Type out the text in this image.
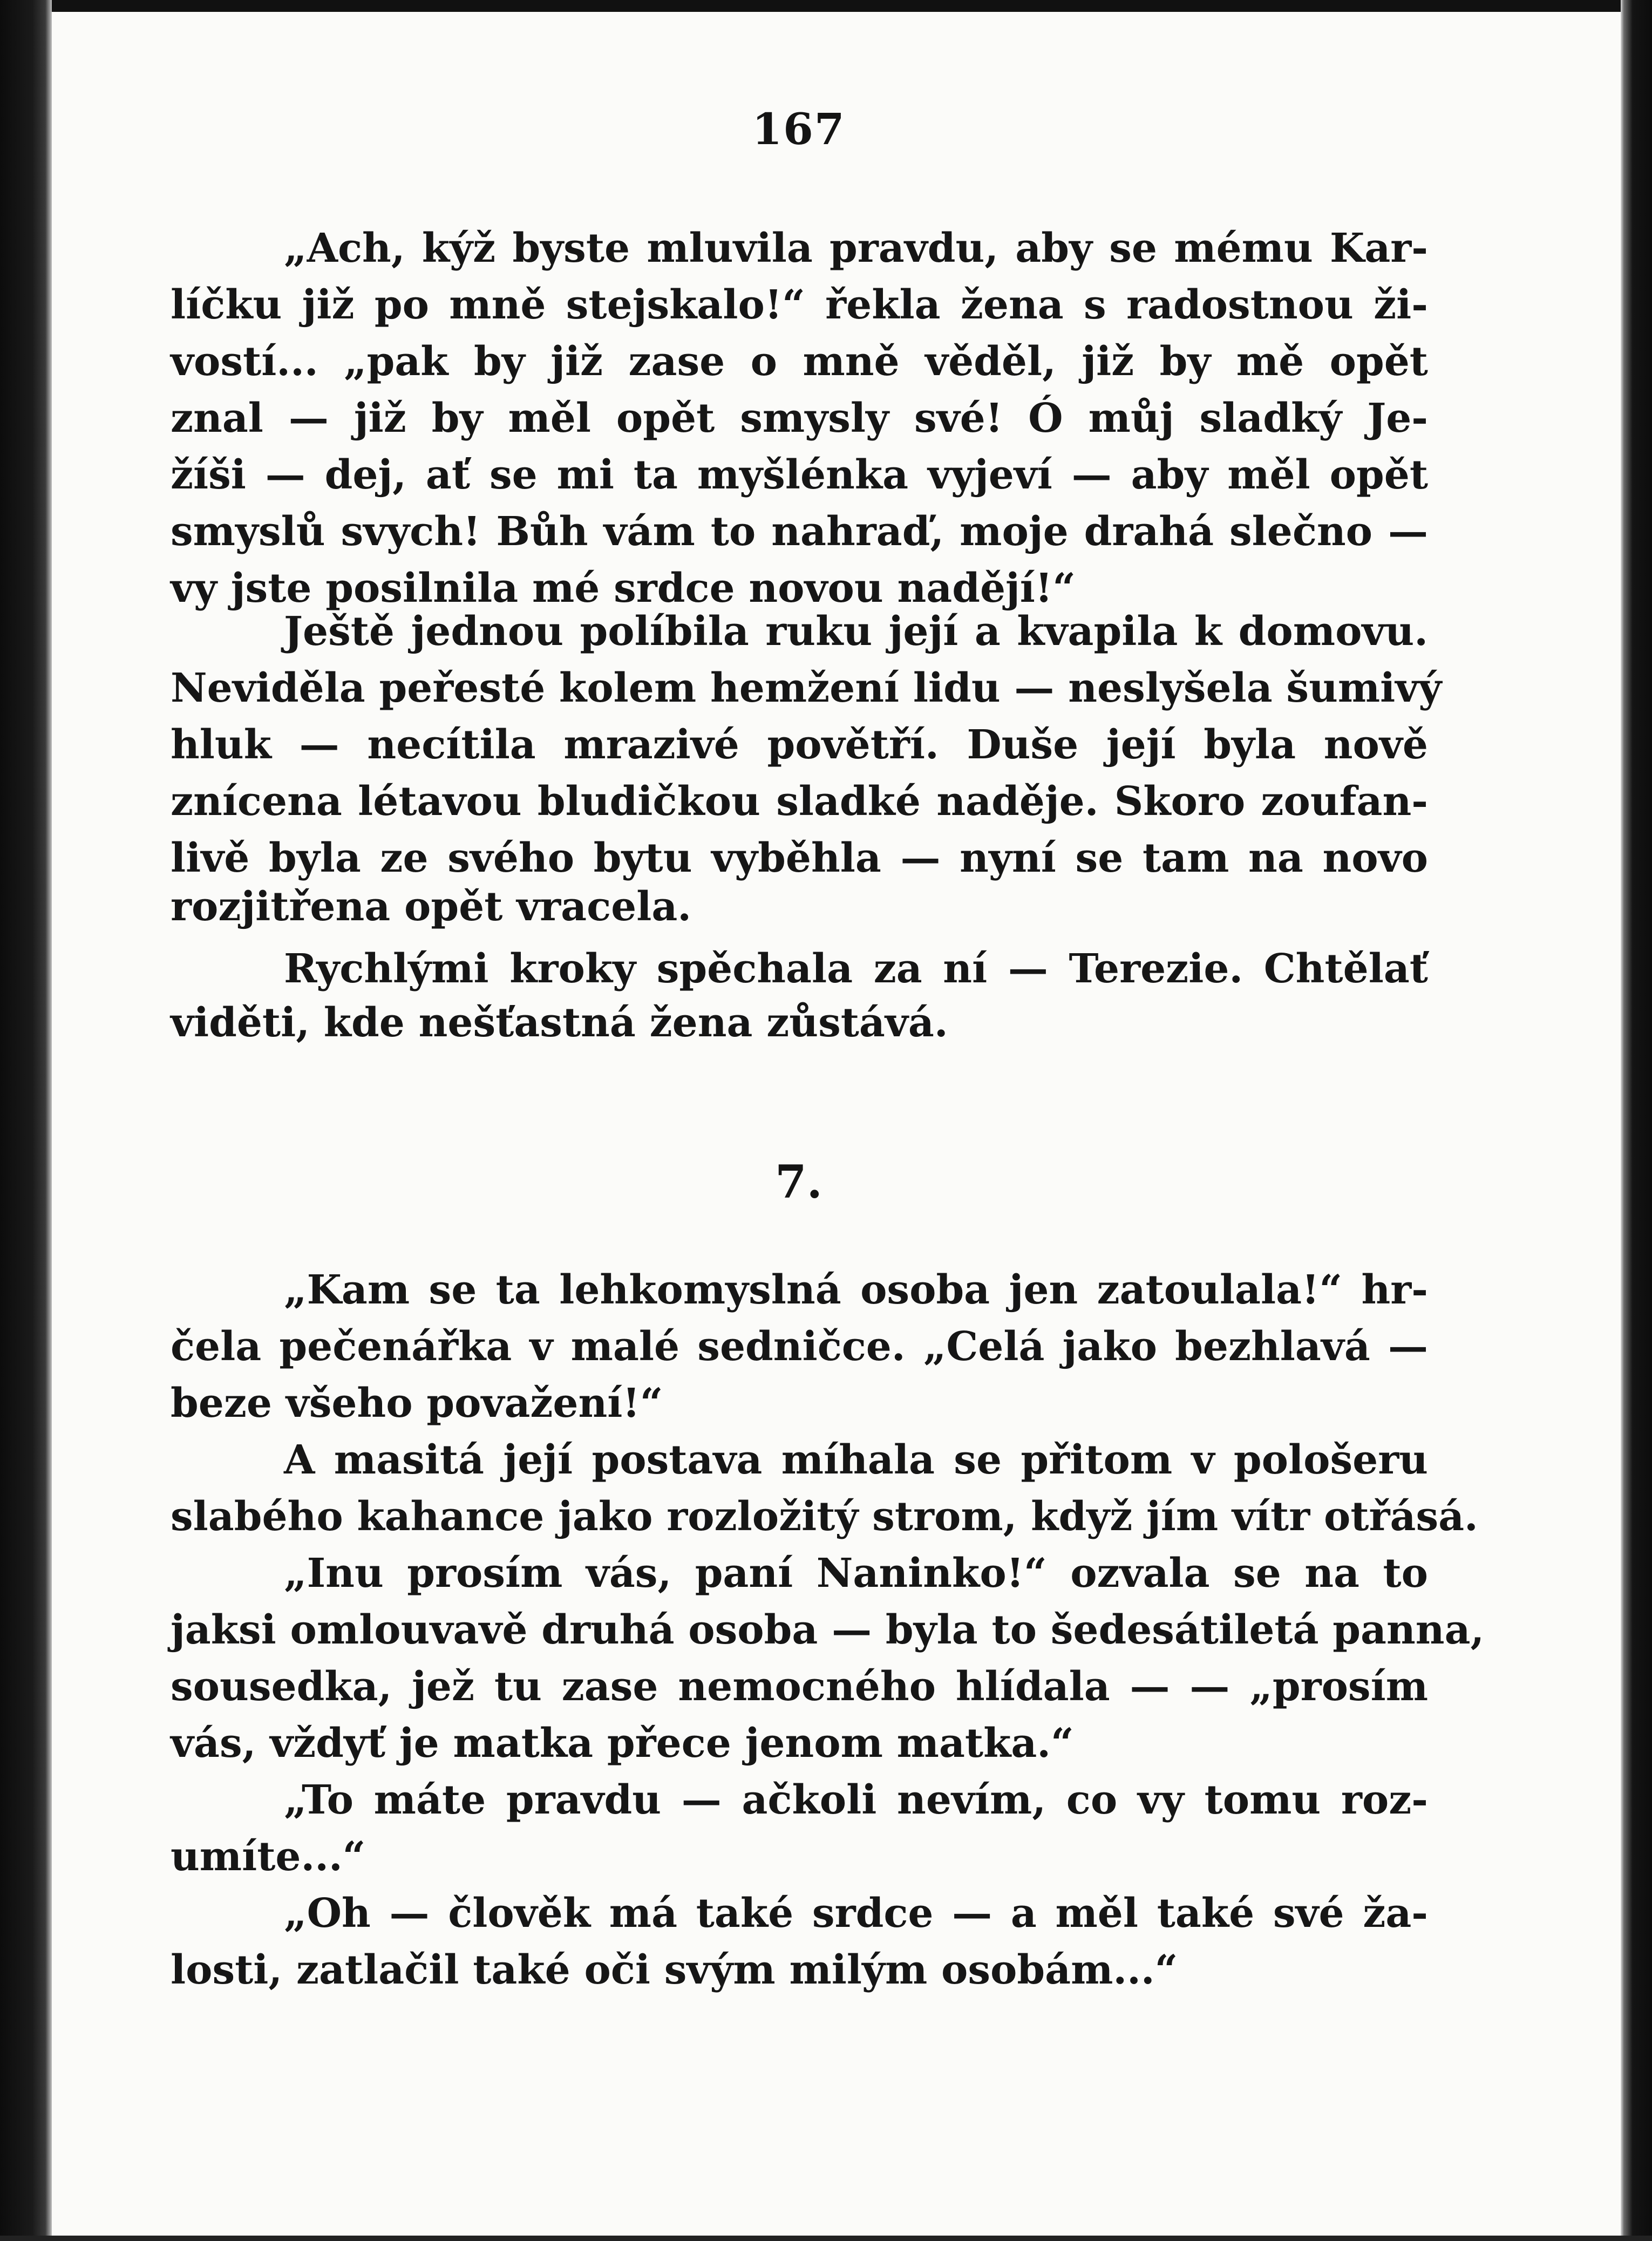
167
„Ach, kýž byste mluvila pravdu, aby se mému Kar-
líčku již po mně stejskalo!“ řekla žena s radostnou ži-
vostí... „pak by již zase o mně věděl, již by mě opět
znal — již by měl opět smysly své! Ó můj sladký Je-
žíši — dej, ať se mi ta myšlénka vyjeví — aby měl opět
smyslů svych! Bůh vám to nahraď, moje drahá slečno —
vy jste posilnila mé srdce novou nadějí!“
Ještě jednou políbila ruku její a kvapila k domovu.
Neviděla peřesté kolem hemžení lidu — neslyšela šumivý
hluk — necítila mrazivé povětří. Duše její byla nově
znícena létavou bludičkou sladké naděje. Skoro zoufan-
livě byla ze svého bytu vyběhla — nyní se tam na novo
rozjitřena opět vracela.
Rychlými kroky spěchala za ní — Terezie. Chtělať
viděti, kde nešťastná žena zůstává.
7.
„Kam se ta lehkomyslná osoba jen zatoulala!“ hr-
čela pečenářka v malé sedničce. „Celá jako bezhlavá —
beze všeho považení!“
A masitá její postava míhala se přitom v pološeru
slabého kahance jako rozložitý strom, když jím vítr otřásá.
„Inu prosím vás, paní Naninko!“ ozvala se na to
jaksi omlouvavě druhá osoba — byla to šedesátiletá panna,
sousedka, jež tu zase nemocného hlídala — — „prosím
vás, vždyť je matka přece jenom matka.“
„To máte pravdu — ačkoli nevím, co vy tomu roz-
umíte...“
„Oh — člověk má také srdce — a měl také své ža-
losti, zatlačil také oči svým milým osobám...“
